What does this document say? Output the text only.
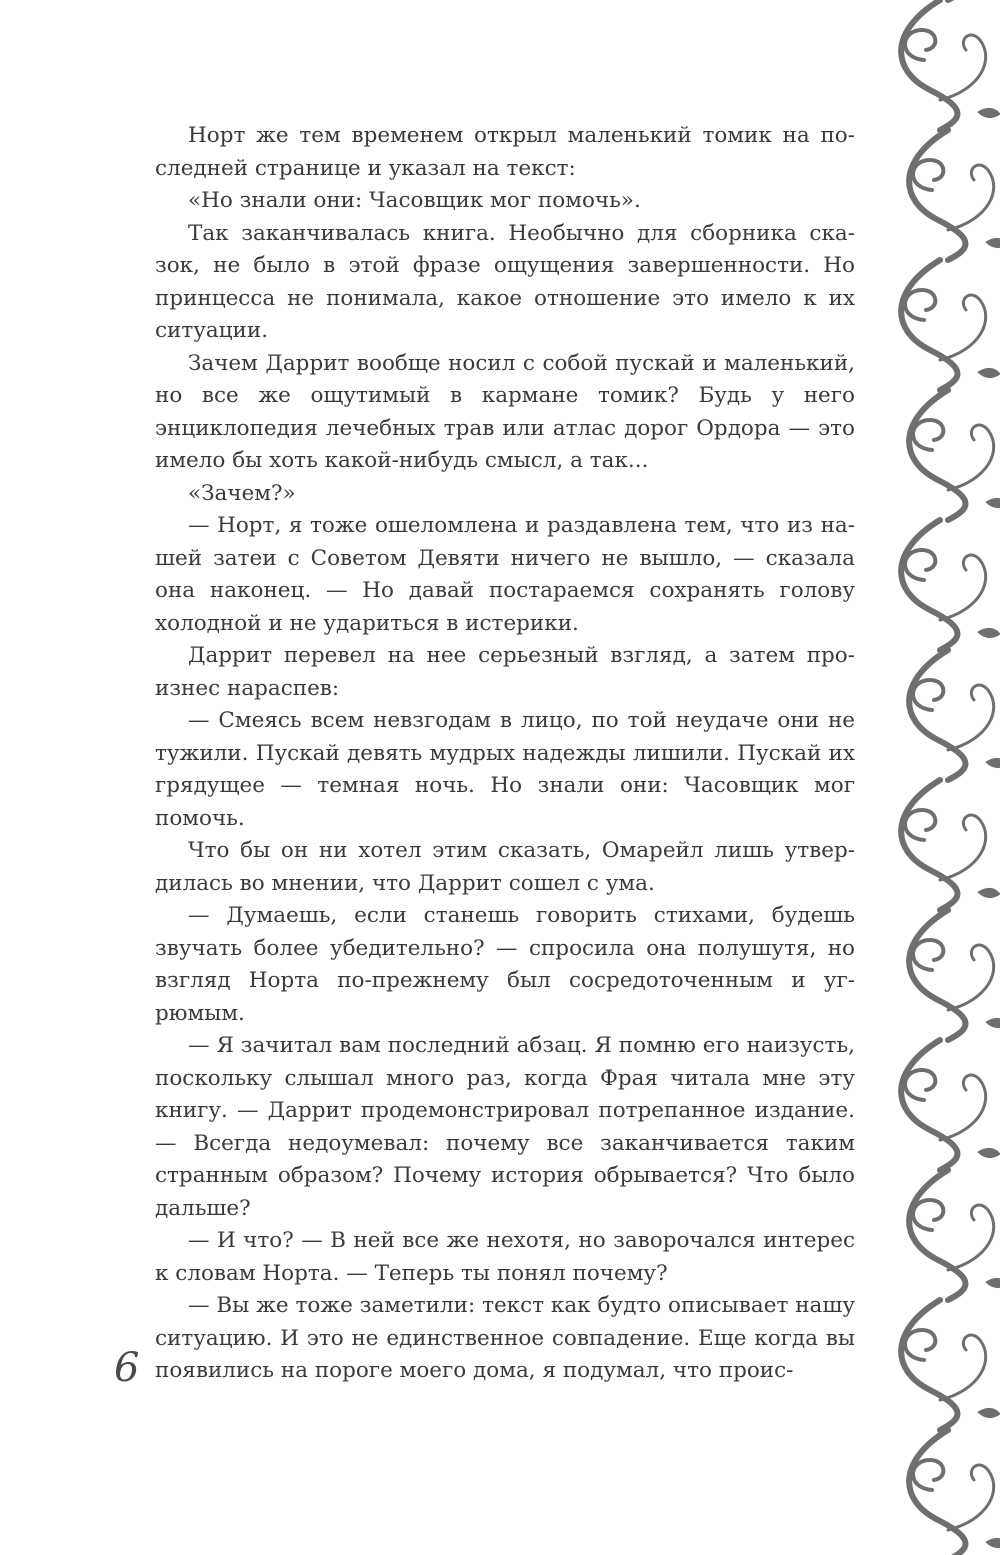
Норт же тем временем открыл маленький томик на последней странице и указал на текст:

«Но знали они: Часовщик мог помочь».

Так заканчивалась книга. Необычно для сборника сказок, не было в этой фразе ощущения завершенности. Но принцесса не понимала, какое отношение это имело к их ситуации.

Зачем Даррит вообще носил с собой пускай и маленький, но все же ощутимый в кармане томик? Будь у него энциклопедия лечебных трав или атлас дорог Ордора — это имело бы хоть какой-нибудь смысл, а так...

«Зачем?»

— Норт, я тоже ошеломлена и раздавлена тем, что из нашей затеи с Советом Девяти ничего не вышло, — сказала она наконец. — Но давай постараемся сохранять голову холодной и не удариться в истерики.

Даррит перевел на нее серьезный взгляд, а затем произнес нараспев:

— Смеясь всем невзгодам в лицо, по той неудаче они не тужили. Пускай девять мудрых надежды лишили. Пускай их грядущее — темная ночь. Но знали они: Часовщик мог помочь.

Что бы он ни хотел этим сказать, Омарейл лишь утвердилась во мнении, что Даррит сошел с ума.

— Думаешь, если станешь говорить стихами, будешь звучать более убедительно? — спросила она полушутя, но взгляд Норта по-прежнему был сосредоточенным и угрюмым.

— Я зачитал вам последний абзац. Я помню его наизусть, поскольку слышал много раз, когда Фрая читала мне эту книгу. — Даррит продемонстрировал потрепанное издание. — Всегда недоумевал: почему все заканчивается таким странным образом? Почему история обрывается? Что было дальше?

— И что? — В ней все же нехотя, но заворочался интерес к словам Норта. — Теперь ты понял почему?

— Вы же тоже заметили: текст как будто описывает нашу ситуацию. И это не единственное совпадение. Еще когда вы появились на пороге моего дома, я подумал, что проис-

6
